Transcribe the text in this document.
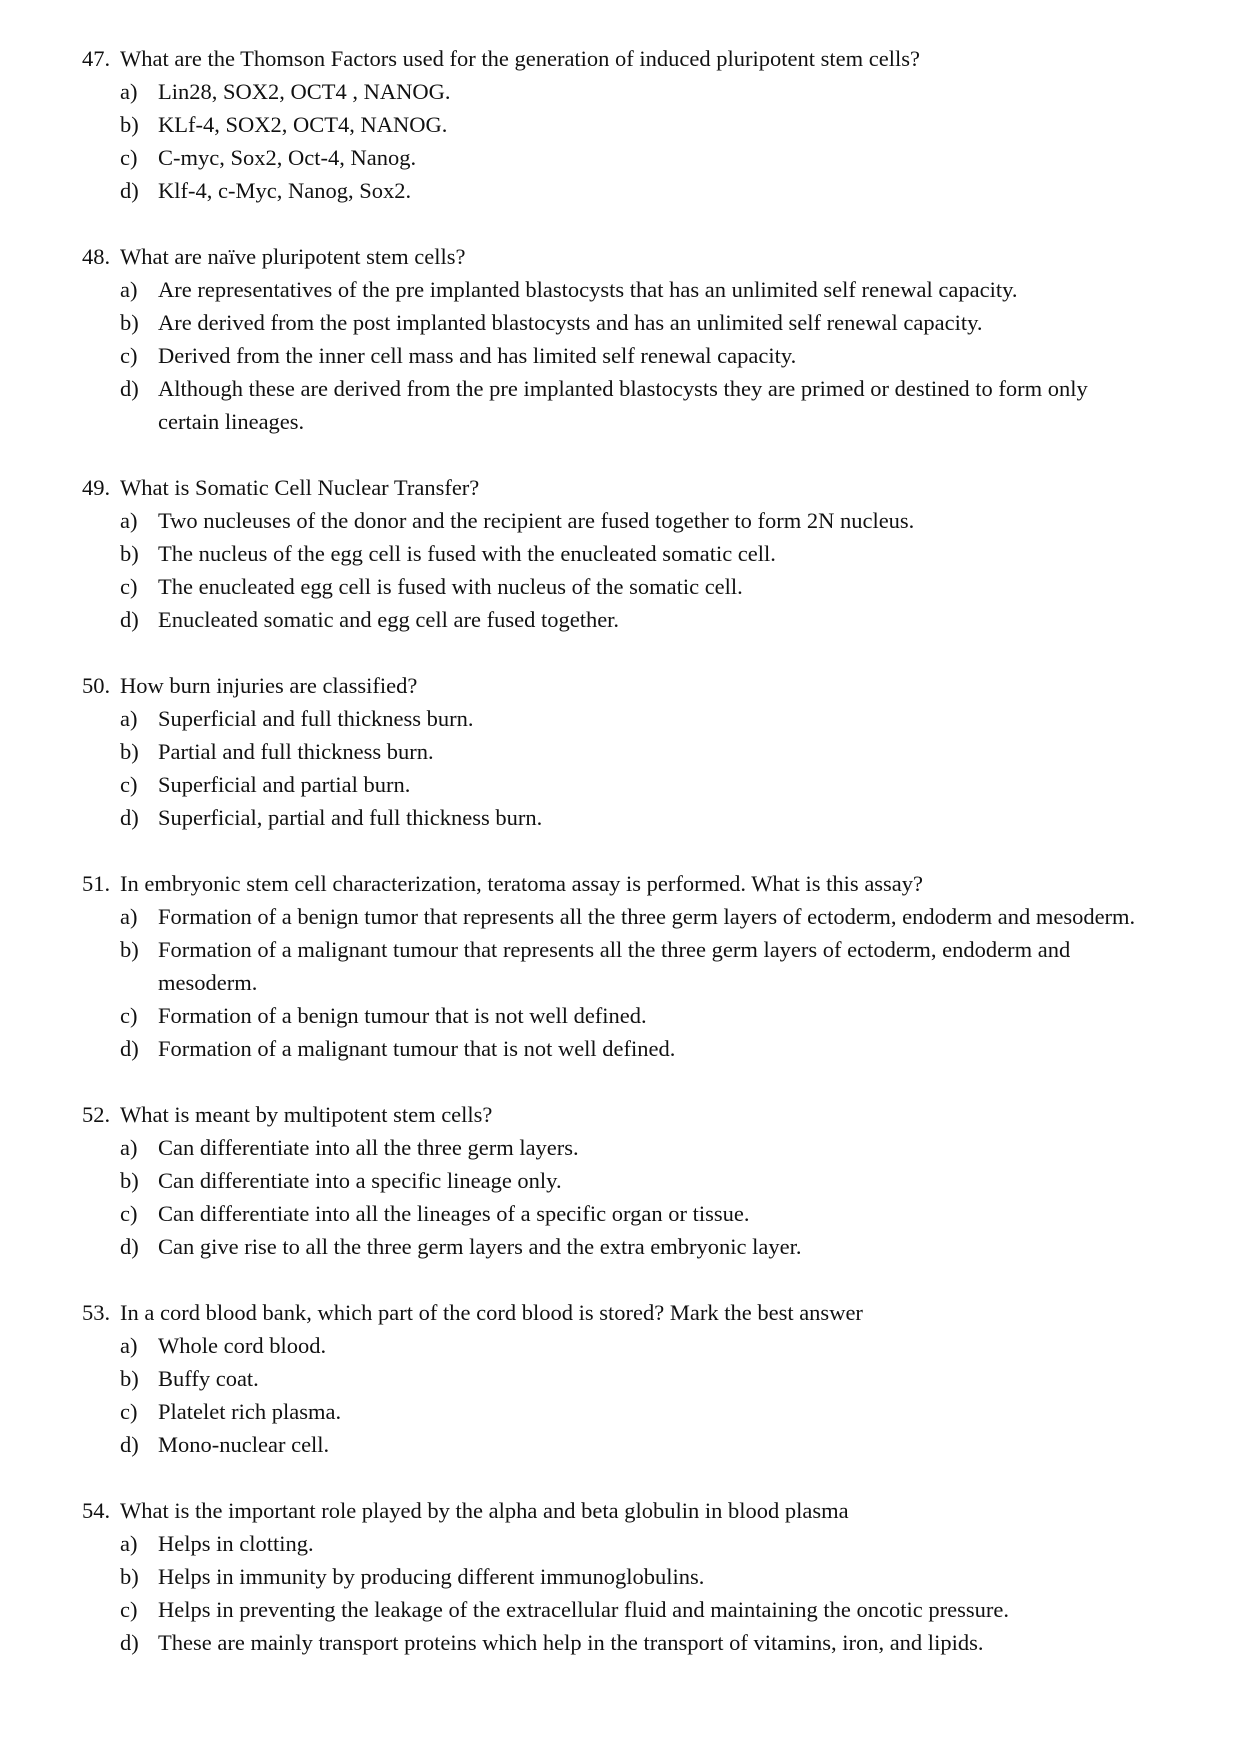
47. What are the Thomson Factors used for the generation of induced pluripotent stem cells?
a) Lin28, SOX2, OCT4 , NANOG.
b) KLf-4, SOX2, OCT4, NANOG.
c) C-myc, Sox2, Oct-4, Nanog.
d) Klf-4, c-Myc, Nanog, Sox2.
48. What are naïve pluripotent stem cells?
a) Are representatives of the pre implanted blastocysts that has an unlimited self renewal capacity.
b) Are derived from the post implanted blastocysts and has an unlimited self renewal capacity.
c) Derived from the inner cell mass and has limited self renewal capacity.
d) Although these are derived from the pre implanted blastocysts they are primed or destined to form only certain lineages.
49. What is Somatic Cell Nuclear Transfer?
a) Two nucleuses of the donor and the recipient are fused together to form 2N nucleus.
b) The nucleus of the egg cell is fused with the enucleated somatic cell.
c) The enucleated egg cell is fused with nucleus of the somatic cell.
d) Enucleated somatic and egg cell are fused together.
50. How burn injuries are classified?
a) Superficial and full thickness burn.
b) Partial and full thickness burn.
c) Superficial and partial burn.
d) Superficial, partial and full thickness burn.
51. In embryonic stem cell characterization, teratoma assay is performed. What is this assay?
a) Formation of a benign tumor that represents all the three germ layers of ectoderm, endoderm and mesoderm.
b) Formation of a malignant tumour that represents all the three germ layers of ectoderm, endoderm and mesoderm.
c) Formation of a benign tumour that is not well defined.
d) Formation of a malignant tumour that is not well defined.
52. What is meant by multipotent stem cells?
a) Can differentiate into all the three germ layers.
b) Can differentiate into a specific lineage only.
c) Can differentiate into all the lineages of a specific organ or tissue.
d) Can give rise to all the three germ layers and the extra embryonic layer.
53. In a cord blood bank, which part of the cord blood is stored? Mark the best answer
a) Whole cord blood.
b) Buffy coat.
c) Platelet rich plasma.
d) Mono-nuclear cell.
54. What is the important role played by the alpha and beta globulin in blood plasma
a) Helps in clotting.
b) Helps in immunity by producing different immunoglobulins.
c) Helps in preventing the leakage of the extracellular fluid and maintaining the oncotic pressure.
d) These are mainly transport proteins which help in the transport of vitamins, iron, and lipids.
